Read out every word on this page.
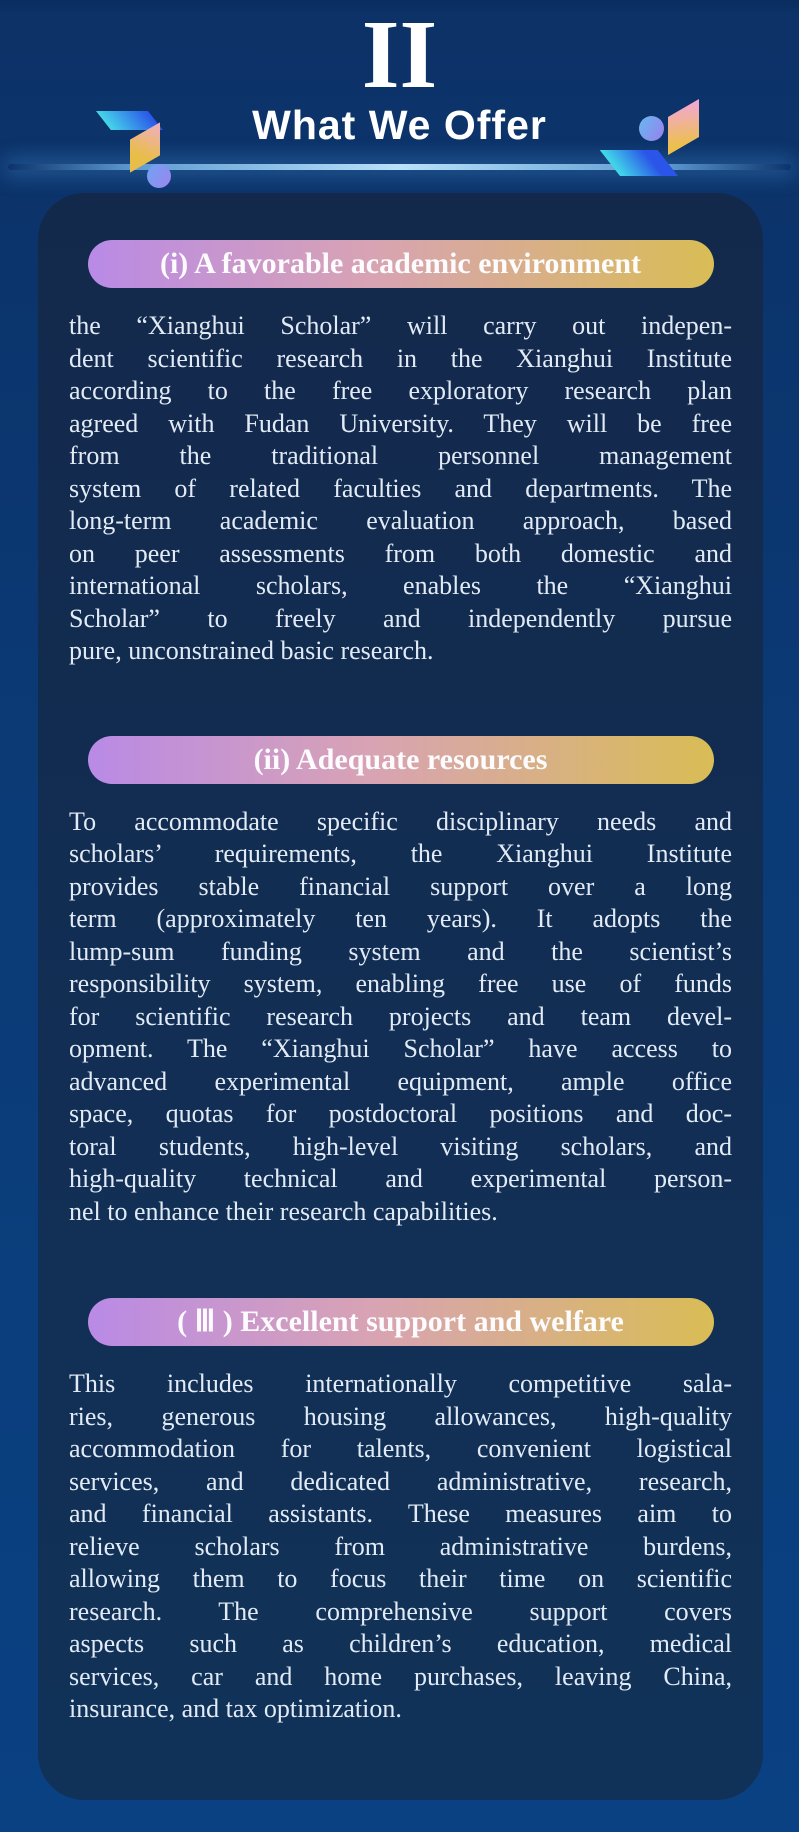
II
What We Offer
(i) A favorable academic environment
the “Xianghui Scholar” will carry out indepen-
dent scientific research in the Xianghui Institute
according to the free exploratory research plan
agreed with Fudan University. They will be free
from the traditional personnel management
system of related faculties and departments. The
long-term academic evaluation approach, based
on peer assessments from both domestic and
international scholars, enables the “Xianghui
Scholar” to freely and independently pursue
pure, unconstrained basic research.
(ii) Adequate resources
To accommodate specific disciplinary needs and
scholars’ requirements, the Xianghui Institute
provides stable financial support over a long
term (approximately ten years). It adopts the
lump-sum funding system and the scientist’s
responsibility system, enabling free use of funds
for scientific research projects and team devel-
opment. The “Xianghui Scholar” have access to
advanced experimental equipment, ample office
space, quotas for postdoctoral positions and doc-
toral students, high-level visiting scholars, and
high-quality technical and experimental person-
nel to enhance their research capabilities.
( Ⅲ ) Excellent support and welfare
This includes internationally competitive sala-
ries, generous housing allowances, high-quality
accommodation for talents, convenient logistical
services, and dedicated administrative, research,
and financial assistants. These measures aim to
relieve scholars from administrative burdens,
allowing them to focus their time on scientific
research. The comprehensive support covers
aspects such as children’s education, medical
services, car and home purchases, leaving China,
insurance, and tax optimization.
